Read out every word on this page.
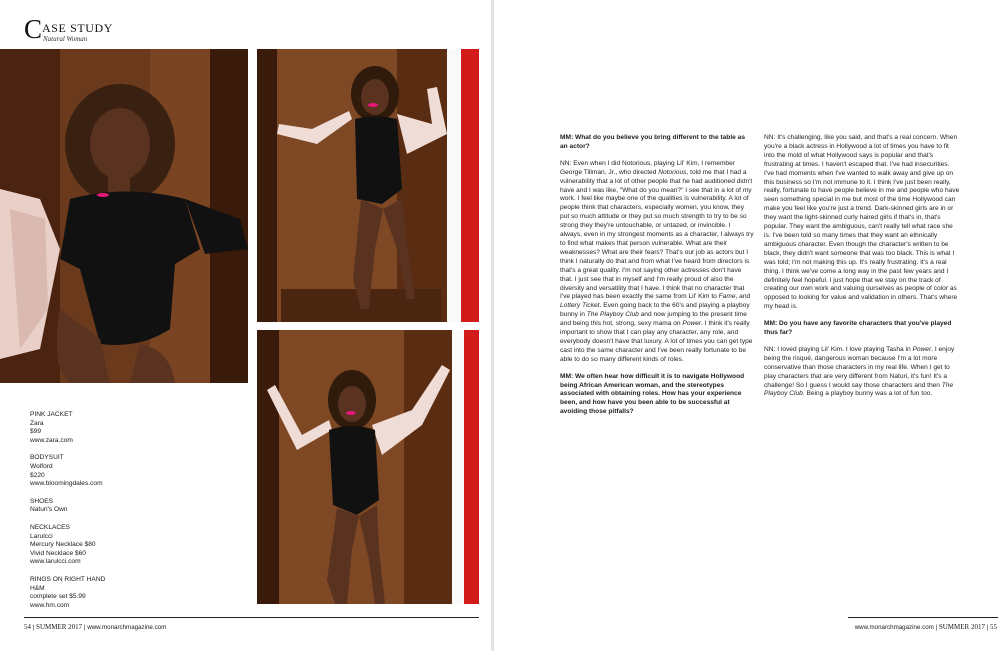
C ASE STUDY
Natural Woman
PINK JACKET
Zara
$99
www.zara.com
BODYSUIT
Wolford
$220
www.bloomingdales.com
SHOES
Naturi's Own
NECKLACES
Larulcci
Mercury Necklace $80
Vivid Necklace $60
www.larulcci.com
RINGS ON RIGHT HAND
H&M
complete set $5.99
www.hm.com
54 | SUMMER 2017 | www.monarchmagazine.com

MM: What do you believe you bring different to the table as an actor?

NN: Even when I did Notorious, playing Lil' Kim, I remember George Tillman, Jr., who directed Notorious, told me that I had a vulnerability that a lot of other people that he had auditioned didn't have and I was like, "What do you mean?" I see that in a lot of my work. I feel like maybe one of the qualities is vulnerability. A lot of people think that characters, especially women, you know, they put so much attitude or they put so much strength to try to be so strong they they're untouchable, or untazed, or invincible. I always, even in my strongest moments as a character, I always try to find what makes that person vulnerable. What are their weaknesses? What are their fears? That's our job as actors but I think I naturally do that and from what I've heard from directors is that's a great quality. I'm not saying other actresses don't have that. I just see that in myself and I'm really proud of also the diversity and versatility that I have. I think that no character that I've played has been exactly the same from Lil' Kim to Fame, and Lottery Ticket. Even going back to the 60's and playing a playboy bunny in The Playboy Club and now jumping to the present time and being this hot, strong, sexy mama on Power. I think it's really important to show that I can play any character, any role, and everybody doesn't have that luxury. A lot of times you can get type cast into the same character and I've been really fortunate to be able to do so many different kinds of roles.

MM: We often hear how difficult it is to navigate Hollywood being African American woman, and the stereotypes associated with obtaining roles. How has your experience been, and how have you been able to be successful at avoiding those pitfalls?

NN: It's challenging, like you said, and that's a real concern. When you're a black actress in Hollywood a lot of times you have to fit into the mold of what Hollywood says is popular and that's frustrating at times. I haven't escaped that. I've had insecurities. I've had moments when I've wanted to walk away and give up on this business so I'm not immune to it. I think I've just been really, really, fortunate to have people believe in me and people who have seen something special in me but most of the time Hollywood can make you feel like you're just a trend. Dark-skinned girls are in or they want the light-skinned curly haired girls if that's in, that's popular. They want the ambiguous, can't really tell what race she is. I've been told so many times that they want an ethnically ambiguous character. Even though the character's written to be black, they didn't want someone that was too black. This is what I was told; I'm not making this up. It's really frustrating. It's a real thing. I think we've come a long way in the past few years and I definitely feel hopeful. I just hope that we stay on the track of creating our own work and valuing ourselves as people of color as opposed to looking for value and validation in others. That's where my head is.

MM: Do you have any favorite characters that you've played thus far?

NN: I loved playing Lil' Kim. I love playing Tasha in Power. I enjoy being the risqué, dangerous woman because I'm a lot more conservative than those characters in my real life. When I get to play characters that are very different from Naturi, it's fun! It's a challenge! So I guess I would say those characters and then The Playboy Club. Being a playboy bunny was a lot of fun too.

www.monarchmagazine.com | SUMMER 2017 | 55
